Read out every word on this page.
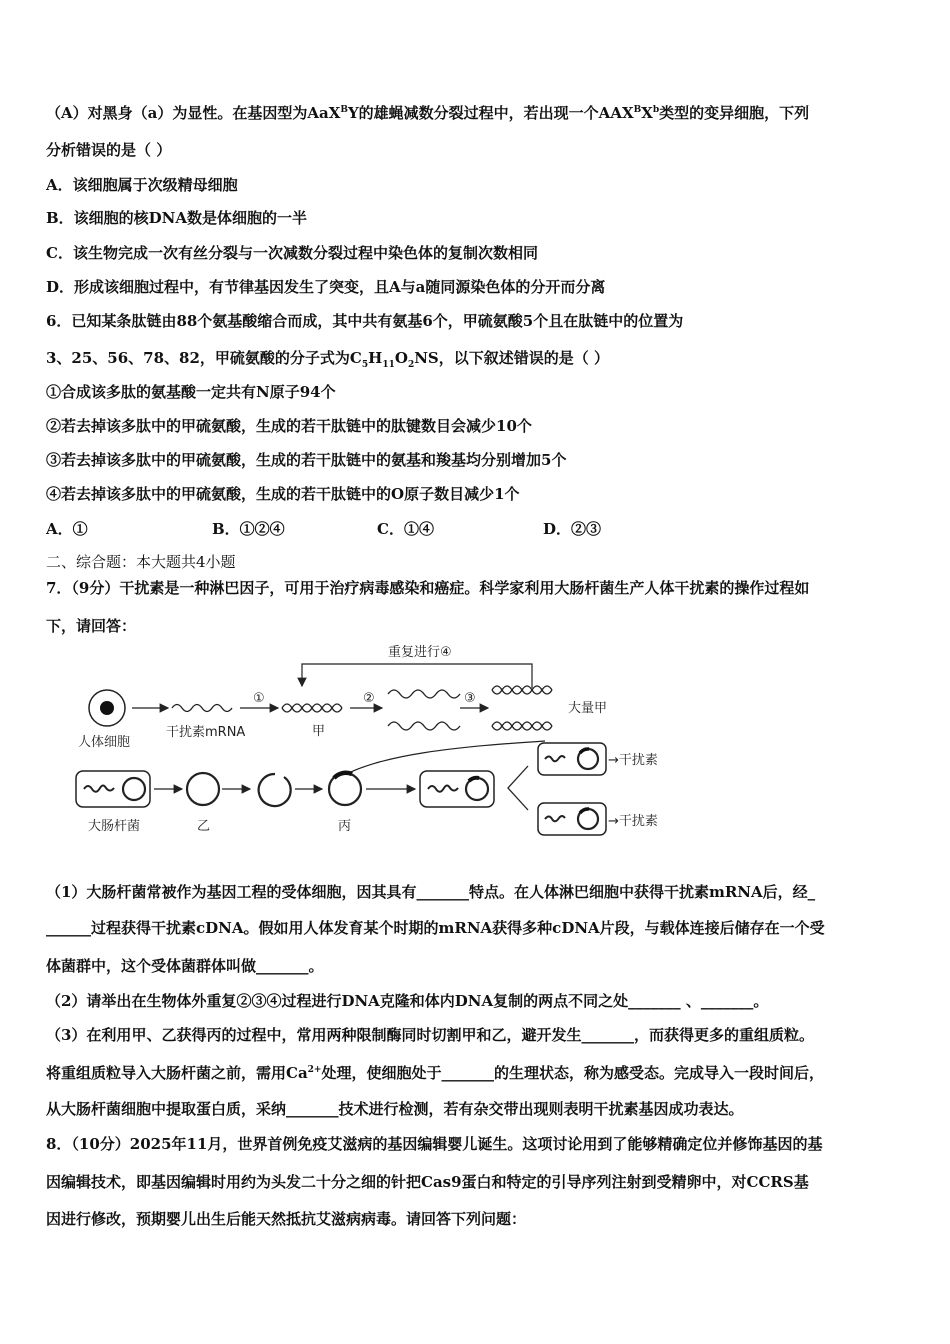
（A）对黑身（a）为显性。在基因型为AaX$^B$Y的雄蝇减数分裂过程中，若出现一个$AAX^BX^b$类型的变异细胞，下列
分析错误的是（ ）
A．该细胞属于次级精母细胞
B．该细胞的核DNA数是体细胞的一半
C．该生物完成一次有丝分裂与一次减数分裂过程中染色体的复制次数相同
D．形成该细胞过程中，有节律基因发生了突变，且A与a随同源染色体的分开而分离
6．已知某条肽链由88个氨基酸缩合而成，其中共有氨基6个，甲硫氨酸5个且在肽链中的位置为
3、25、56、78、82，甲硫氨酸的分子式为$C_5H_{11}O_2NS$，以下叙述错误的是（ ）
①合成该多肽的氨基酸一定共有N原子94个
②若去掉该多肽中的甲硫氨酸，生成的若干肽链中的肽键数目会减少10个
③若去掉该多肽中的甲硫氨酸，生成的若干肽链中的氨基和羧基均分别增加5个
④若去掉该多肽中的甲硫氨酸，生成的若干肽链中的O原子数目减少1个
A．①	B．①②④	C．①④	D．②③
二、综合题：本大题共4小题
7．（9分）干扰素是一种淋巴因子，可用于治疗病毒感染和癌症。科学家利用大肠杆菌生产人体干扰素的操作过程如
下，请回答：
重复进行④
人体细胞
干扰素mRNA
①
甲
②	③
大量甲
大肠杆菌	乙	丙
→干扰素
→干扰素
（1）大肠杆菌常被作为基因工程的受体细胞，因其具有_______特点。在人体淋巴细胞中获得干扰素mRNA后，经_
______过程获得干扰素cDNA。假如用人体发育某个时期的mRNA获得多种cDNA片段，与载体连接后储存在一个受
体菌群中，这个受体菌群体叫做_______。
（2）请举出在生物体外重复②③④过程进行DNA克隆和体内DNA复制的两点不同之处_______ 、_______。
（3）在利用甲、乙获得丙的过程中，常用两种限制酶同时切割甲和乙，避开发生_______，而获得更多的重组质粒。
将重组质粒导入大肠杆菌之前，需用$Ca^{2+}$处理，使细胞处于_______的生理状态，称为感受态。完成导入一段时间后，
从大肠杆菌细胞中提取蛋白质，采纳_______技术进行检测，若有杂交带出现则表明干扰素基因成功表达。
8．（10分）2025年11月，世界首例免疫艾滋病的基因编辑婴儿诞生。这项讨论用到了能够精确定位并修饰基因的基
因编辑技术，即基因编辑时用约为头发二十分之细的针把Cas9蛋白和特定的引导序列注射到受精卵中，对CCRS基
因进行修改，预期婴儿出生后能天然抵抗艾滋病病毒。请回答下列问题：
